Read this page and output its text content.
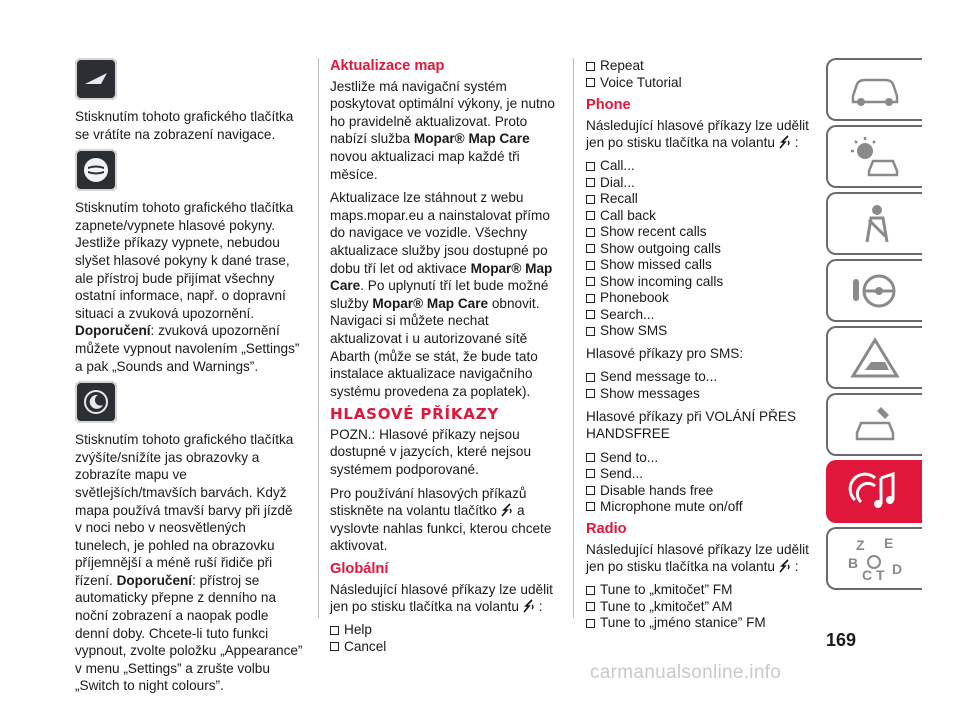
Stisknutím tohoto grafického tlačítka se vrátíte na zobrazení navigace.

Stisknutím tohoto grafického tlačítka zapnete/vypnete hlasové pokyny. Jestliže příkazy vypnete, nebudou slyšet hlasové pokyny k dané trase, ale přístroj bude přijímat všechny ostatní informace, např. o dopravní situaci a zvuková upozornění. Doporučení: zvuková upozornění můžete vypnout navolením „Settings” a pak „Sounds and Warnings”.

Stisknutím tohoto grafického tlačítka zvýšíte/snížíte jas obrazovky a zobrazíte mapu ve světlejších/tmavších barvách. Když mapa používá tmavší barvy při jízdě v noci nebo v neosvětlených tunelech, je pohled na obrazovku příjemnější a méně ruší řidiče při řízení. Doporučení: přístroj se automaticky přepne z denního na noční zobrazení a naopak podle denní doby. Chcete-li tuto funkci vypnout, zvolte položku „Appearance” v menu „Settings” a zrušte volbu „Switch to night colours”.

Aktualizace map

Jestliže má navigační systém poskytovat optimální výkony, je nutno ho pravidelně aktualizovat. Proto nabízí služba Mopar® Map Care novou aktualizaci map každé tři měsíce.

Aktualizace lze stáhnout z webu maps.mopar.eu a nainstalovat přímo do navigace ve vozidle. Všechny aktualizace služby jsou dostupné po dobu tří let od aktivace Mopar® Map Care. Po uplynutí tří let bude možné služby Mopar® Map Care obnovit. Navigaci si můžete nechat aktualizovat i u autorizované sítě Abarth (může se stát, že bude tato instalace aktualizace navigačního systému provedena za poplatek).

HLASOVÉ PŘÍKAZY

POZN.: Hlasové příkazy nejsou dostupné v jazycích, které nejsou systémem podporované.

Pro používání hlasových příkazů stiskněte na volantu tlačítko a vyslovte nahlas funkci, kterou chcete aktivovat.

Globální

Následující hlasové příkazy lze udělit jen po stisku tlačítka na volantu :

Help
Cancel
Repeat
Voice Tutorial
Phone

Následující hlasové příkazy lze udělit jen po stisku tlačítka na volantu :

Call...
Dial...
Recall
Call back
Show recent calls
Show outgoing calls
Show missed calls
Show incoming calls
Phonebook
Search...
Show SMS

Hlasové příkazy pro SMS:

Send message to...
Show messages

Hlasové příkazy při VOLÁNÍ PŘES HANDSFREE

Send to...
Send...
Disable hands free
Microphone mute on/off
Radio

Následující hlasové příkazy lze udělit jen po stisku tlačítka na volantu :

Tune to „kmitočet” FM
Tune to „kmitočet” AM
Tune to „jméno stanice” FM
Z E
B
C T D
169
carmanualsonline.info
